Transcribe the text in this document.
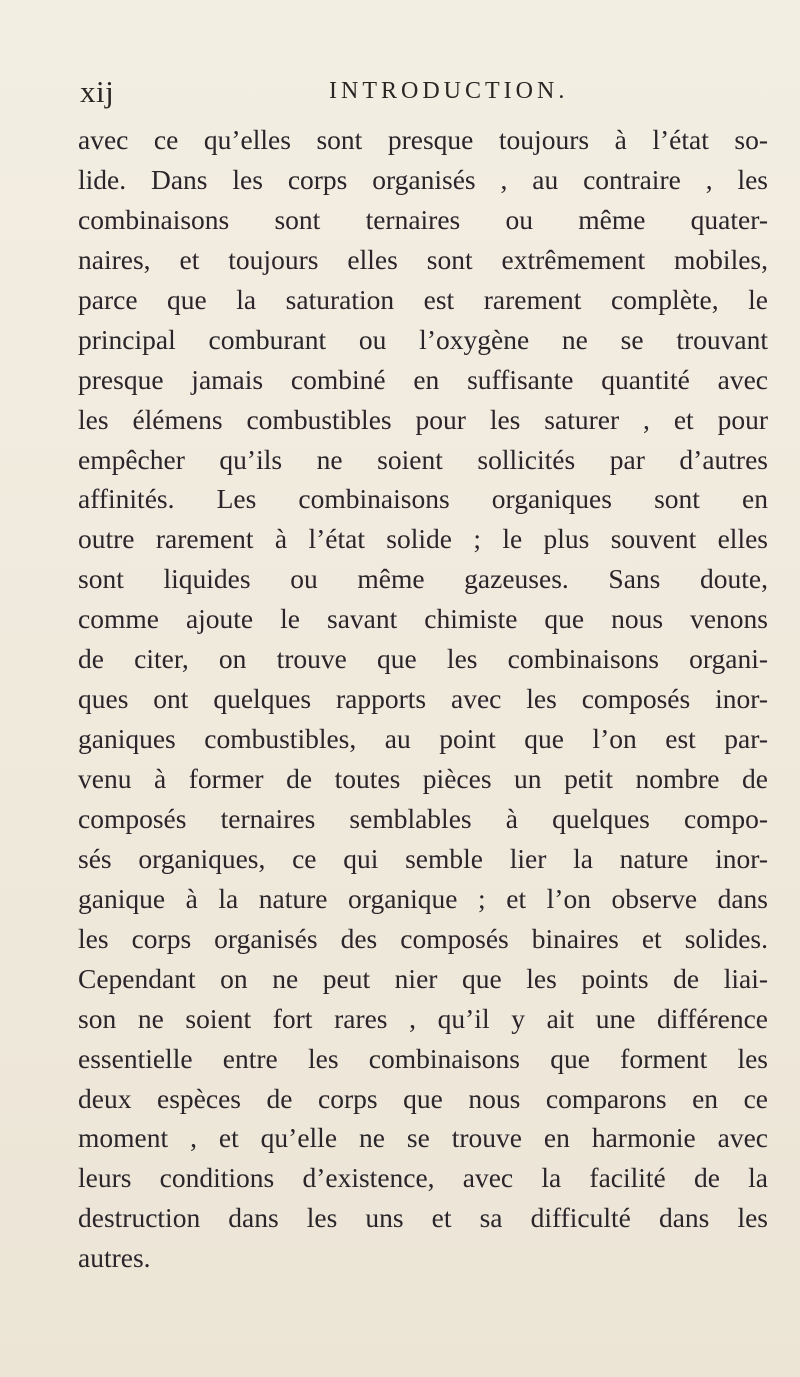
xij	INTRODUCTION.
avec ce qu’elles sont presque toujours à l’état so-
lide. Dans les corps organisés , au contraire , les
combinaisons sont ternaires ou même quater-
naires, et toujours elles sont extrêmement mobiles,
parce que la saturation est rarement complète, le
principal comburant ou l’oxygène ne se trouvant
presque jamais combiné en suffisante quantité avec
les élémens combustibles pour les saturer , et pour
empêcher qu’ils ne soient sollicités par d’autres
affinités. Les combinaisons organiques sont en
outre rarement à l’état solide ; le plus souvent elles
sont liquides ou même gazeuses. Sans doute,
comme ajoute le savant chimiste que nous venons
de citer, on trouve que les combinaisons organi-
ques ont quelques rapports avec les composés inor-
ganiques combustibles, au point que l’on est par-
venu à former de toutes pièces un petit nombre de
composés ternaires semblables à quelques compo-
sés organiques, ce qui semble lier la nature inor-
ganique à la nature organique ; et l’on observe dans
les corps organisés des composés binaires et solides.
Cependant on ne peut nier que les points de liai-
son ne soient fort rares , qu’il y ait une différence
essentielle entre les combinaisons que forment les
deux espèces de corps que nous comparons en ce
moment , et qu’elle ne se trouve en harmonie avec
leurs conditions d’existence, avec la facilité de la
destruction dans les uns et sa difficulté dans les
autres.
